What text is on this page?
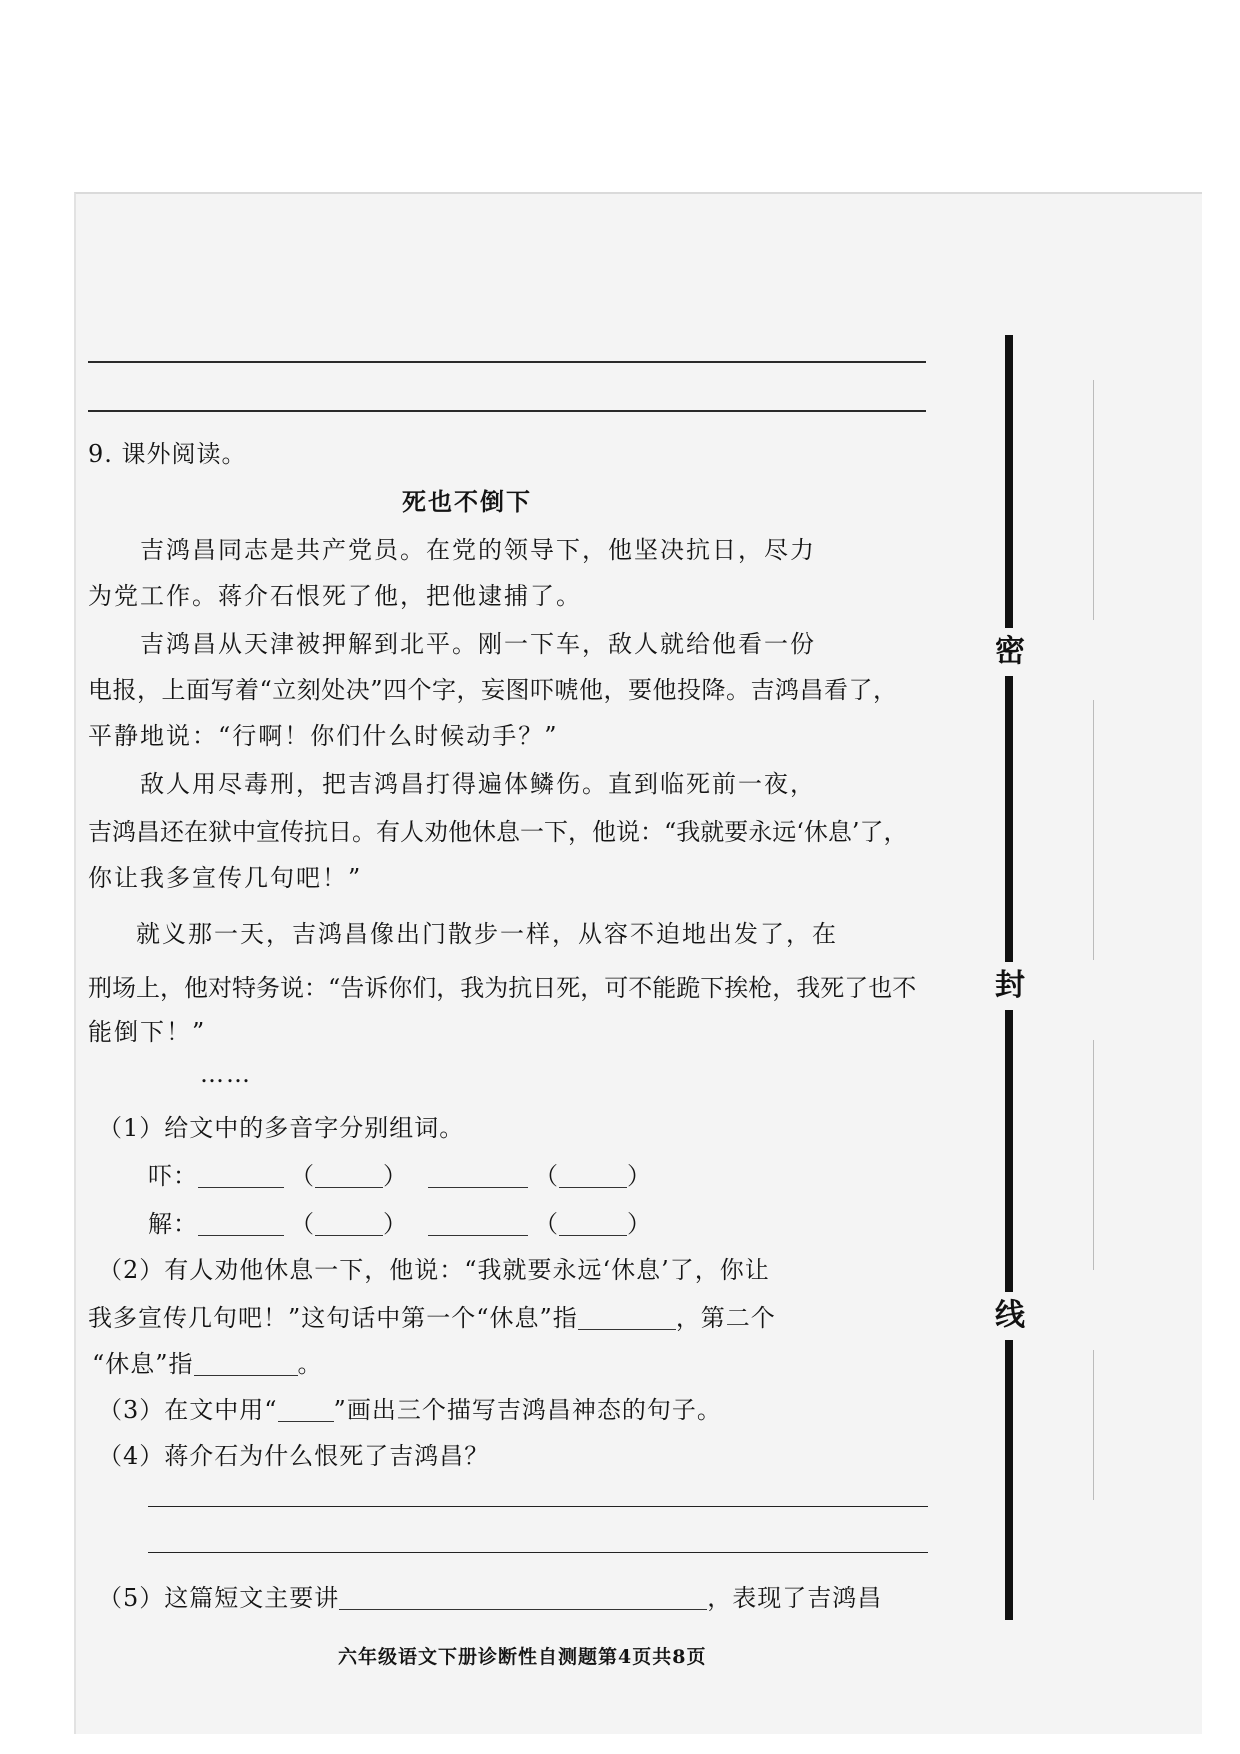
9. 课外阅读。
死也不倒下
吉鸿昌同志是共产党员。在党的领导下，他坚决抗日，尽力
为党工作。蒋介石恨死了他，把他逮捕了。
吉鸿昌从天津被押解到北平。刚一下车，敌人就给他看一份
电报，上面写着“立刻处决”四个字，妄图吓唬他，要他投降。吉鸿昌看了，
平静地说：“行啊！你们什么时候动手？”
敌人用尽毒刑，把吉鸿昌打得遍体鳞伤。直到临死前一夜，
吉鸿昌还在狱中宣传抗日。有人劝他休息一下，他说：“我就要永远‘休息’了，
你让我多宣传几句吧！”
就义那一天，吉鸿昌像出门散步一样，从容不迫地出发了，在
刑场上，他对特务说：“告诉你们，我为抗日死，可不能跪下挨枪，我死了也不
能倒下！”
……
（1）给文中的多音字分别组词。
吓：	（	）	（	）
解：	（	）	（	）
（2）有人劝他休息一下，他说：“我就要永远‘休息’了，你让
我多宣传几句吧！”这句话中第一个“休息”指	，第二个
“休息”指	。
（3）在文中用“ ”画出三个描写吉鸿昌神态的句子。
（4）蒋介石为什么恨死了吉鸿昌？
（5）这篇短文主要讲	，表现了吉鸿昌
六年级语文下册诊断性自测题第4页共8页
密
封
线
